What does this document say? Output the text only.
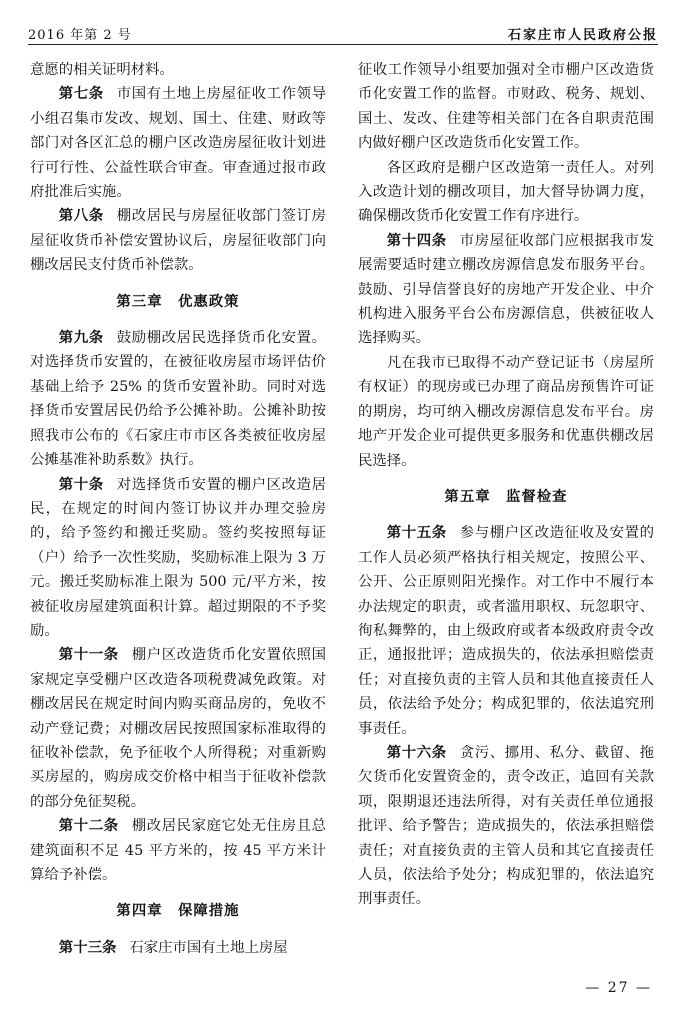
2016 年第 2 号	石家庄市人民政府公报

意愿的相关证明材料。

第七条 市国有土地上房屋征收工作领导小组召集市发改、规划、国土、住建、财政等部门对各区汇总的棚户区改造房屋征收计划进行可行性、公益性联合审查。审查通过报市政府批准后实施。

第八条 棚改居民与房屋征收部门签订房屋征收货币补偿安置协议后，房屋征收部门向棚改居民支付货币补偿款。

第三章　优惠政策

第九条 鼓励棚改居民选择货币化安置。对选择货币安置的，在被征收房屋市场评估价基础上给予 25% 的货币安置补助。同时对选择货币安置居民仍给予公摊补助。公摊补助按照我市公布的《石家庄市市区各类被征收房屋公摊基准补助系数》执行。

第十条 对选择货币安置的棚户区改造居民，在规定的时间内签订协议并办理交验房的，给予签约和搬迁奖励。签约奖按照每证（户）给予一次性奖励，奖励标准上限为 3 万元。搬迁奖励标准上限为 500 元/平方米，按被征收房屋建筑面积计算。超过期限的不予奖励。

第十一条 棚户区改造货币化安置依照国家规定享受棚户区改造各项税费减免政策。对棚改居民在规定时间内购买商品房的，免收不动产登记费；对棚改居民按照国家标准取得的征收补偿款，免予征收个人所得税；对重新购买房屋的，购房成交价格中相当于征收补偿款的部分免征契税。

第十二条 棚改居民家庭它处无住房且总建筑面积不足 45 平方米的，按 45 平方米计算给予补偿。

第四章　保障措施

第十三条 石家庄市国有土地上房屋

征收工作领导小组要加强对全市棚户区改造货币化安置工作的监督。市财政、税务、规划、国土、发改、住建等相关部门在各自职责范围内做好棚户区改造货币化安置工作。

各区政府是棚户区改造第一责任人。对列入改造计划的棚改项目，加大督导协调力度，确保棚改货币化安置工作有序进行。

第十四条 市房屋征收部门应根据我市发展需要适时建立棚改房源信息发布服务平台。鼓励、引导信誉良好的房地产开发企业、中介机构进入服务平台公布房源信息，供被征收人选择购买。

凡在我市已取得不动产登记证书（房屋所有权证）的现房或已办理了商品房预售许可证的期房，均可纳入棚改房源信息发布平台。房地产开发企业可提供更多服务和优惠供棚改居民选择。

第五章　监督检查

第十五条 参与棚户区改造征收及安置的工作人员必须严格执行相关规定，按照公平、公开、公正原则阳光操作。对工作中不履行本办法规定的职责，或者滥用职权、玩忽职守、徇私舞弊的，由上级政府或者本级政府责令改正，通报批评；造成损失的，依法承担赔偿责任；对直接负责的主管人员和其他直接责任人员，依法给予处分；构成犯罪的，依法追究刑事责任。

第十六条 贪污、挪用、私分、截留、拖欠货币化安置资金的，责令改正，追回有关款项，限期退还违法所得，对有关责任单位通报批评、给予警告；造成损失的，依法承担赔偿责任；对直接负责的主管人员和其它直接责任人员，依法给予处分；构成犯罪的，依法追究刑事责任。

— 27 —
